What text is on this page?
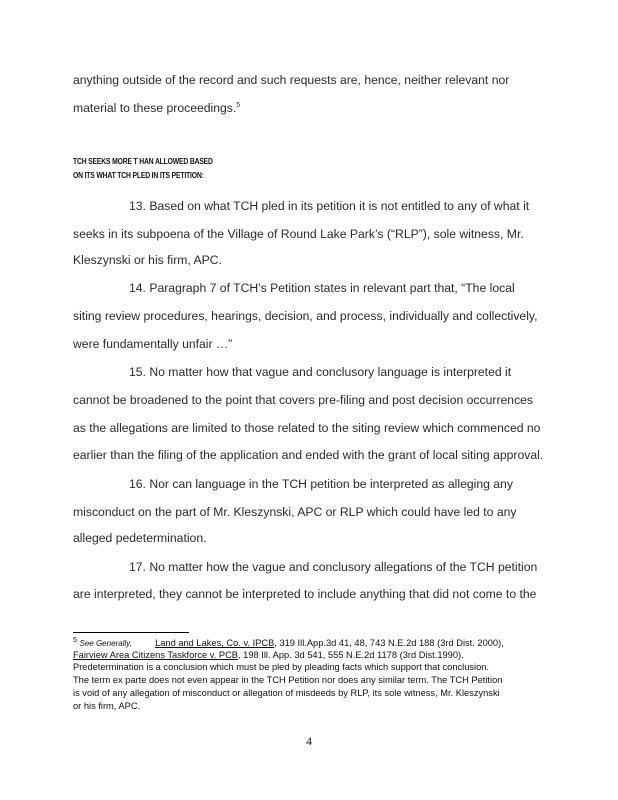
anything outside of the record and such requests are, hence, neither relevant nor
material to these proceedings.$^5$
TCH SEEKS MORE T HAN ALLOWED BASED
ON ITS WHAT TCH PLED IN ITS PETITION:
13. Based on what TCH pled in its petition it is not entitled to any of what it
seeks in its subpoena of the Village of Round Lake Park’s (“RLP”), sole witness, Mr.
Kleszynski or his firm, APC.
14. Paragraph 7 of TCH’s Petition states in relevant part that, “The local
siting review procedures, hearings, decision, and process, individually and collectively,
were fundamentally unfair …”
15. No matter how that vague and conclusory language is interpreted it
cannot be broadened to the point that covers pre-filing and post decision occurrences
as the allegations are limited to those related to the siting review which commenced no
earlier than the filing of the application and ended with the grant of local siting approval.
16. Nor can language in the TCH petition be interpreted as alleging any
misconduct on the part of Mr. Kleszynski, APC or RLP which could have led to any
alleged pedetermination.
17. No matter how the vague and conclusory allegations of the TCH petition
are interpreted, they cannot be interpreted to include anything that did not come to the
$^5$ See Generally,	Land and Lakes, Co. v. IPCB, 319 Ill.App.3d 41, 48, 743 N.E.2d 188 (3rd Dist. 2000),
Fairview Area Citizens Taskforce v. PCB, 198 Ill. App. 3d 541, 555 N.E.2d 1178 (3rd Dist.1990).
Predetermination is a conclusion which must be pled by pleading facts which support that conclusion.
The term ex parte does not even appear in the TCH Petition nor does any similar term. The TCH Petition
is void of any allegation of misconduct or allegation of misdeeds by RLP, its sole witness, Mr. Kleszynski
or his firm, APC.
4
